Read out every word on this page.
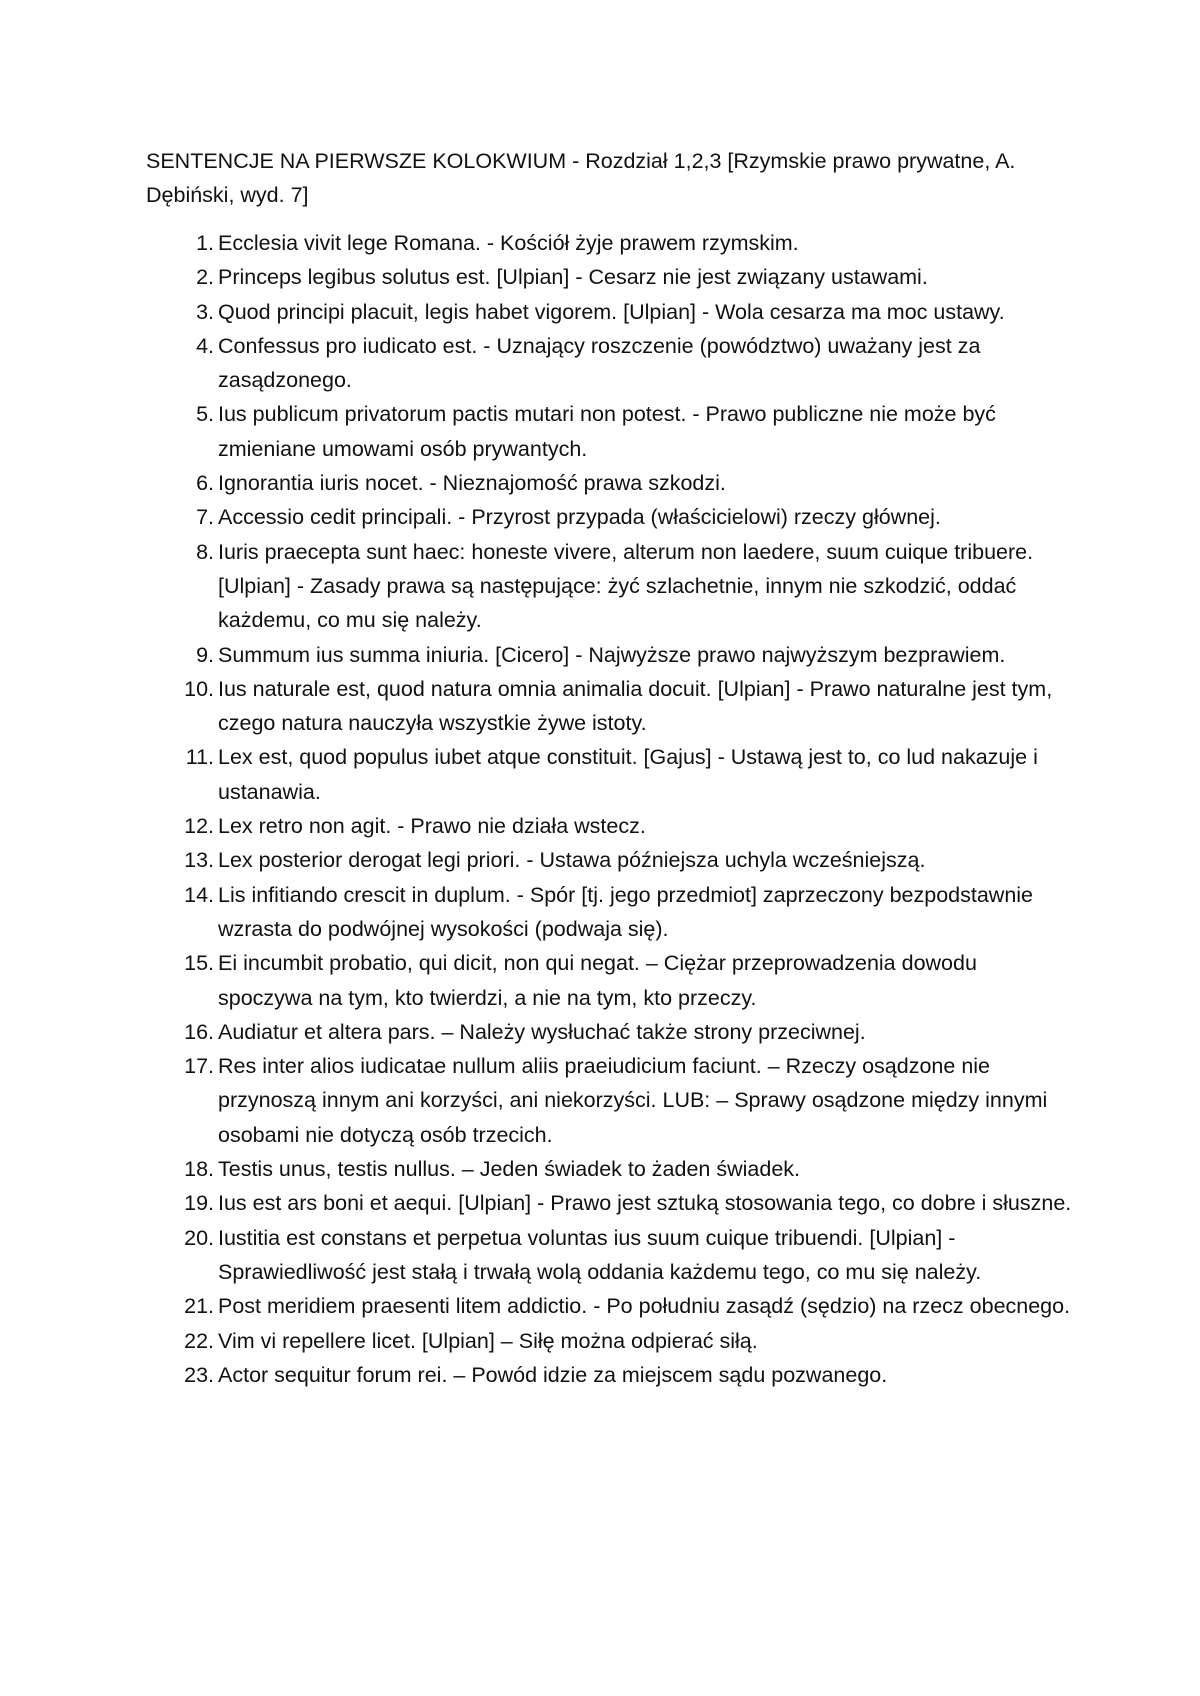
SENTENCJE NA PIERWSZE KOLOKWIUM - Rozdział 1,2,3 [Rzymskie prawo prywatne, A.
Dębiński, wyd. 7]

1. Ecclesia vivit lege Romana. - Kościół żyje prawem rzymskim.
2. Princeps legibus solutus est. [Ulpian] - Cesarz nie jest związany ustawami.
3. Quod principi placuit, legis habet vigorem. [Ulpian] - Wola cesarza ma moc ustawy.
4. Confessus pro iudicato est. - Uznający roszczenie (powództwo) uważany jest za zasądzonego.
5. Ius publicum privatorum pactis mutari non potest. - Prawo publiczne nie może być zmieniane umowami osób prywantych.
6. Ignorantia iuris nocet. - Nieznajomość prawa szkodzi.
7. Accessio cedit principali. - Przyrost przypada (właścicielowi) rzeczy głównej.
8. Iuris praecepta sunt haec: honeste vivere, alterum non laedere, suum cuique tribuere. [Ulpian] - Zasady prawa są następujące: żyć szlachetnie, innym nie szkodzić, oddać każdemu, co mu się należy.
9. Summum ius summa iniuria. [Cicero] - Najwyższe prawo najwyższym bezprawiem.
10. Ius naturale est, quod natura omnia animalia docuit. [Ulpian] - Prawo naturalne jest tym, czego natura nauczyła wszystkie żywe istoty.
11. Lex est, quod populus iubet atque constituit. [Gajus] - Ustawą jest to, co lud nakazuje i ustanawia.
12. Lex retro non agit. - Prawo nie działa wstecz.
13. Lex posterior derogat legi priori. - Ustawa późniejsza uchyla wcześniejszą.
14. Lis infitiando crescit in duplum. - Spór [tj. jego przedmiot] zaprzeczony bezpodstawnie wzrasta do podwójnej wysokości (podwaja się).
15. Ei incumbit probatio, qui dicit, non qui negat. – Ciężar przeprowadzenia dowodu spoczywa na tym, kto twierdzi, a nie na tym, kto przeczy.
16. Audiatur et altera pars. – Należy wysłuchać także strony przeciwnej.
17. Res inter alios iudicatae nullum aliis praeiudicium faciunt. – Rzeczy osądzone nie przynoszą innym ani korzyści, ani niekorzyści. LUB: – Sprawy osądzone między innymi osobami nie dotyczą osób trzecich.
18. Testis unus, testis nullus. – Jeden świadek to żaden świadek.
19. Ius est ars boni et aequi. [Ulpian] - Prawo jest sztuką stosowania tego, co dobre i słuszne.
20. Iustitia est constans et perpetua voluntas ius suum cuique tribuendi. [Ulpian] - Sprawiedliwość jest stałą i trwałą wolą oddania każdemu tego, co mu się należy.
21. Post meridiem praesenti litem addictio. - Po południu zasądź (sędzio) na rzecz obecnego.
22. Vim vi repellere licet. [Ulpian] – Siłę można odpierać siłą.
23. Actor sequitur forum rei. – Powód idzie za miejscem sądu pozwanego.
